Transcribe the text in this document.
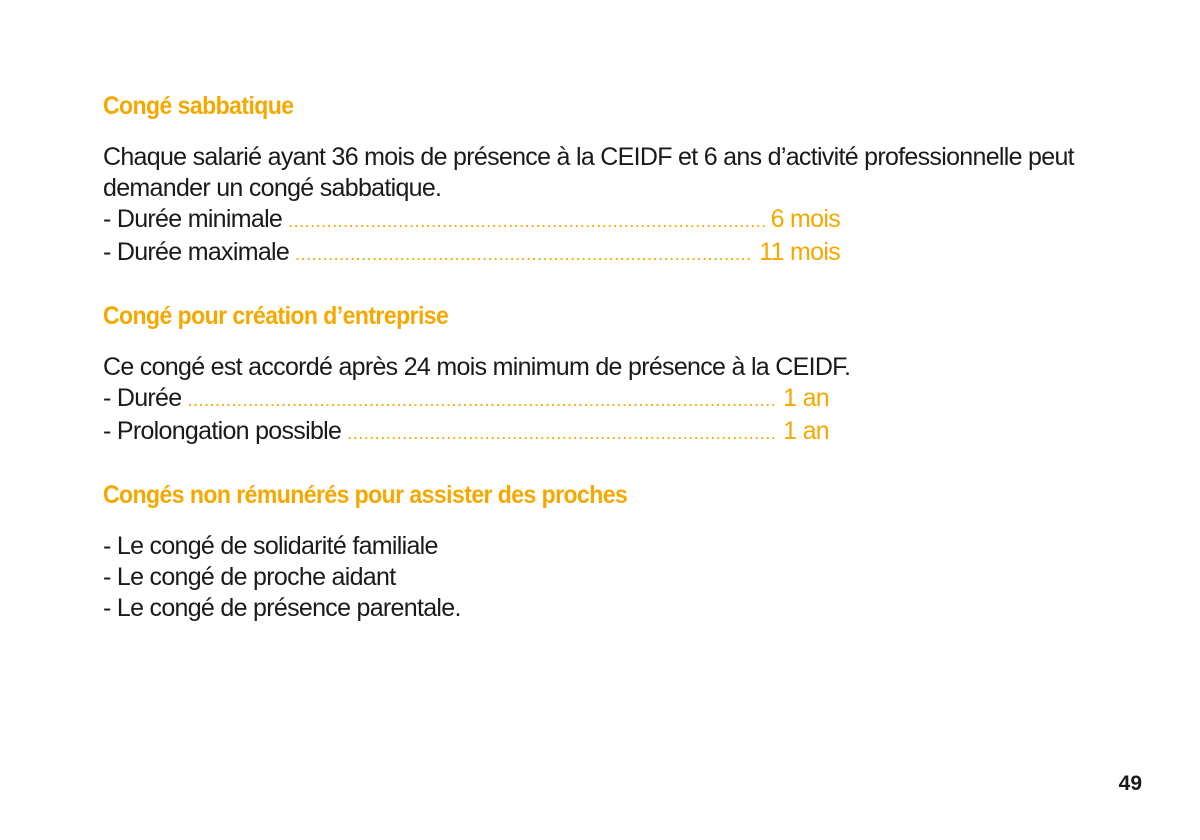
Congé sabbatique

Chaque salarié ayant 36 mois de présence à la CEIDF et 6 ans d’activité professionnelle peut demander un congé sabbatique.

- Durée minimale .....	6 mois
- Durée maximale .....	11 mois
Congé pour création d’entreprise

Ce congé est accordé après 24 mois minimum de présence à la CEIDF.

- Durée .....	1 an
- Prolongation possible .....	1 an
Congés non rémunérés pour assister des proches

- Le congé de solidarité familiale

- Le congé de proche aidant

- Le congé de présence parentale.

49
